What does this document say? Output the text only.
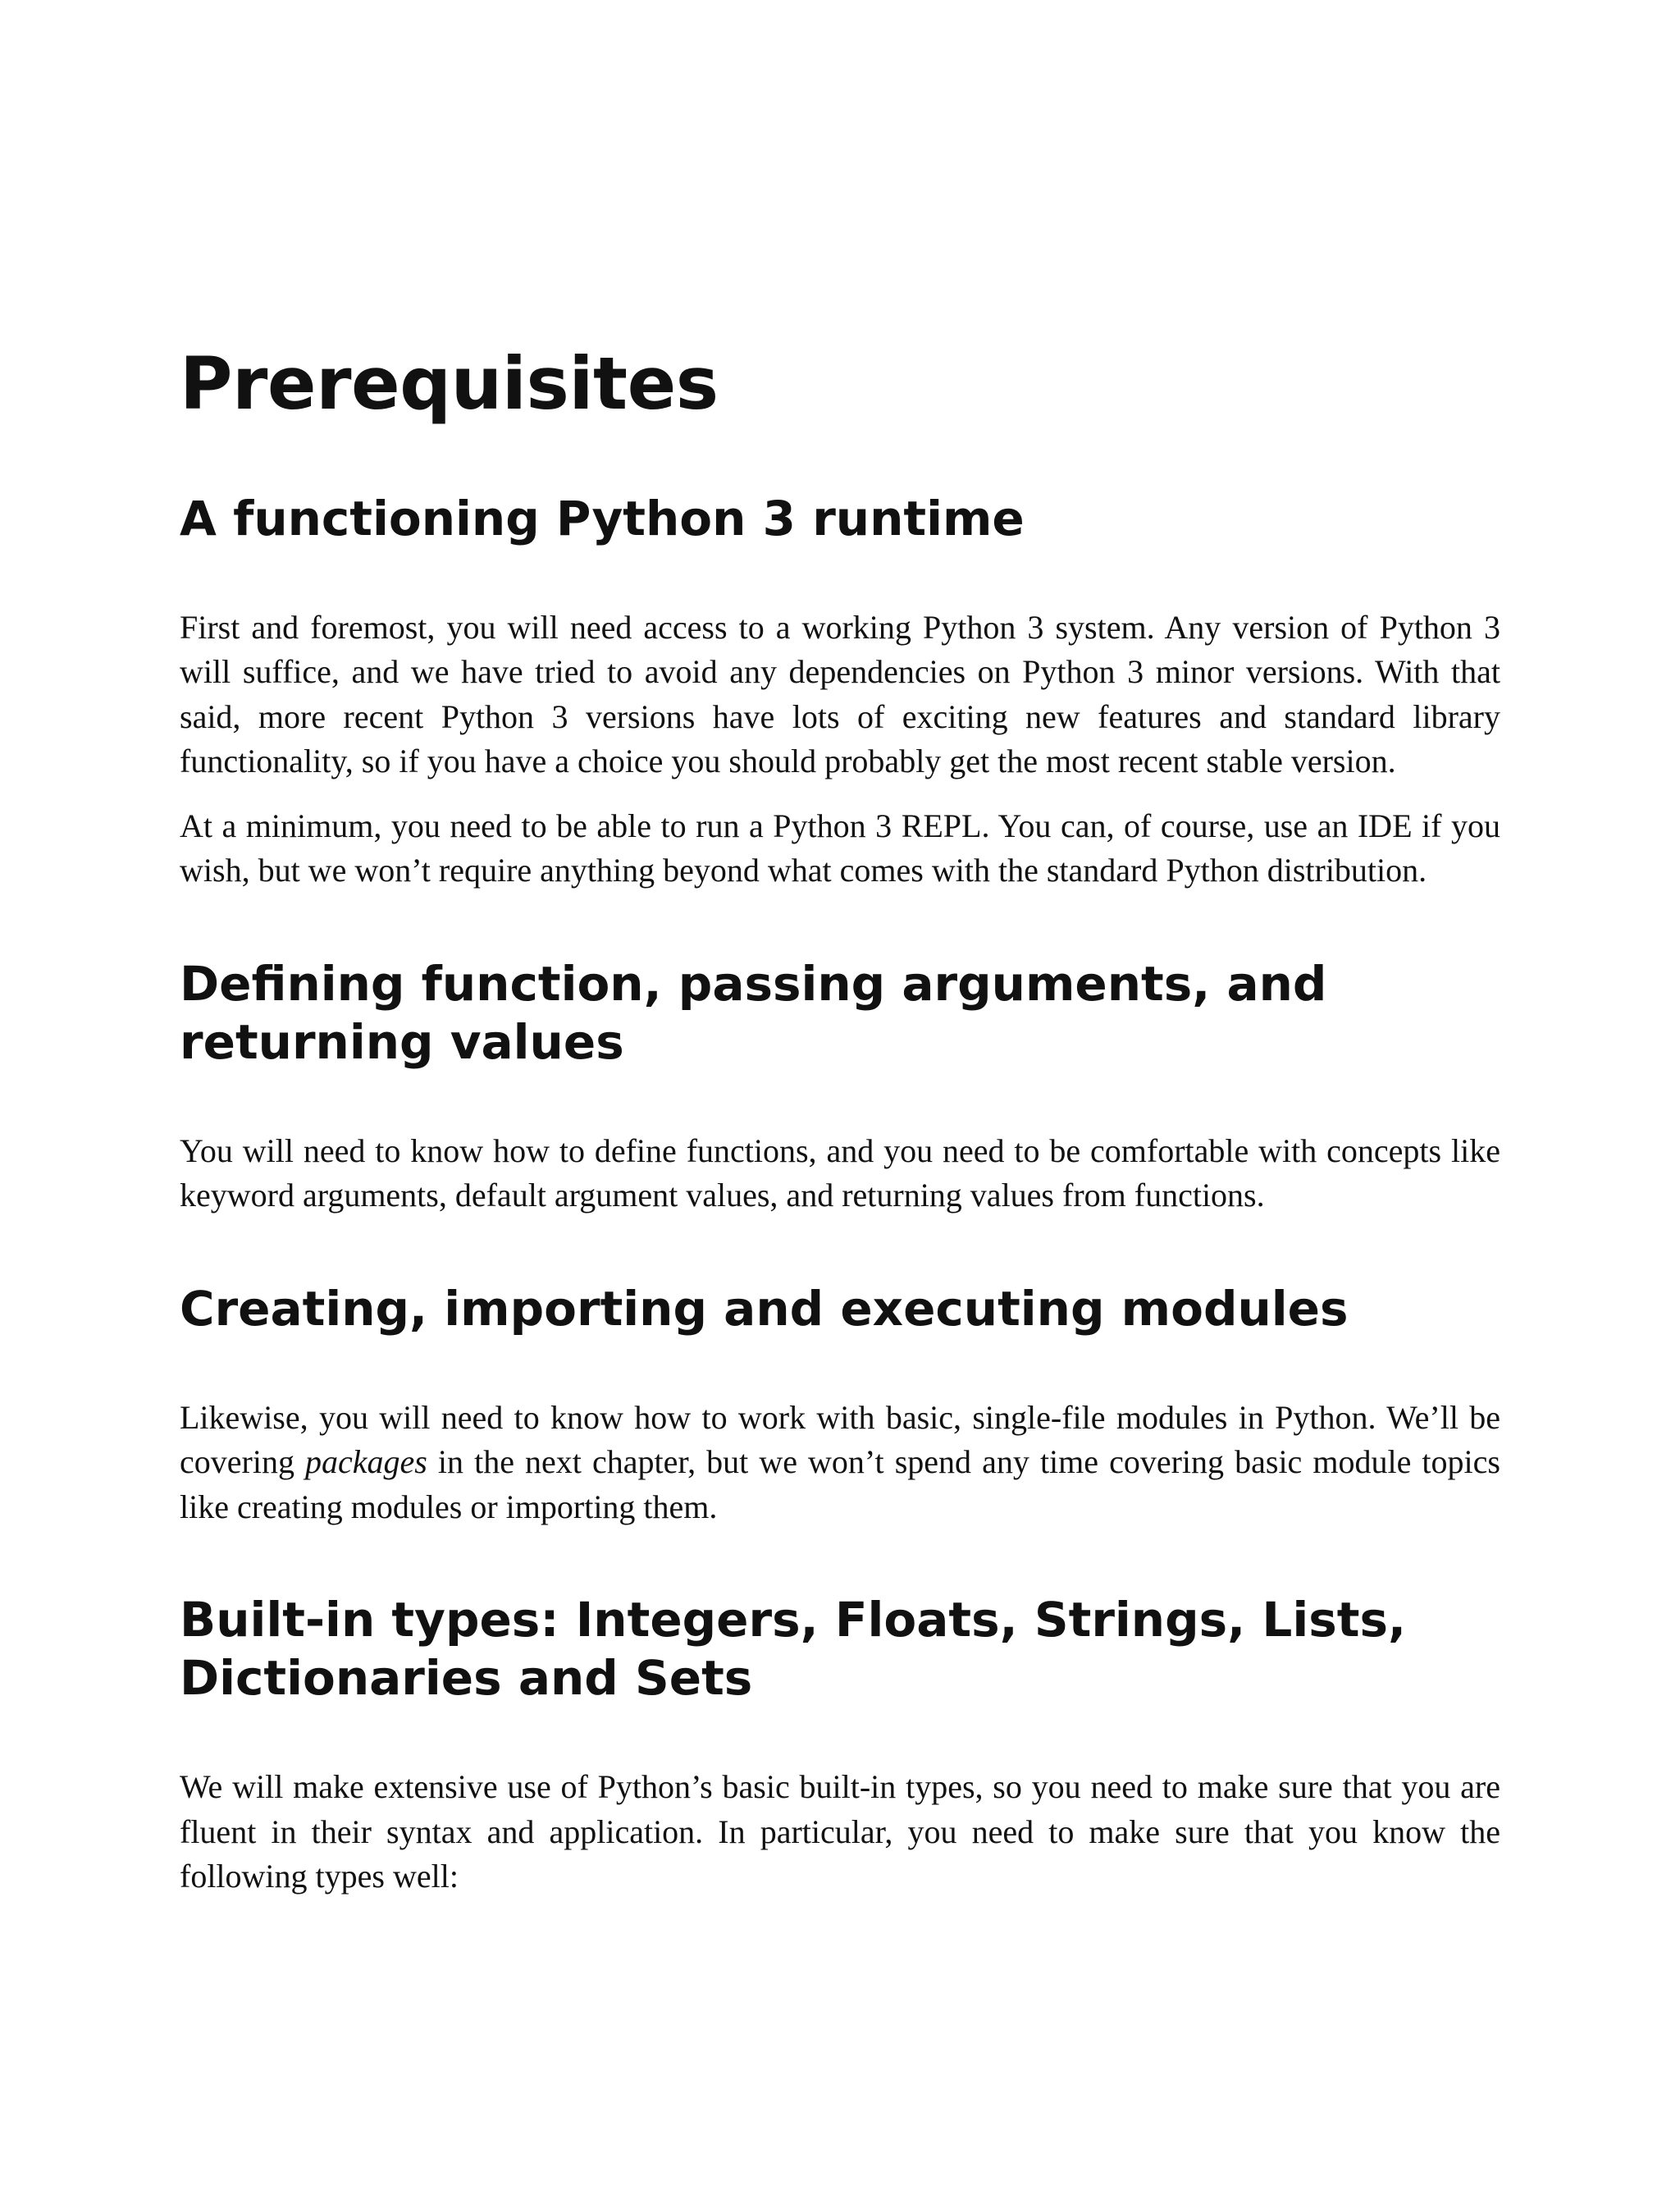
Prerequisites
A functioning Python 3 runtime

First and foremost, you will need access to a working Python 3 system. Any version of Python 3 will suffice, and we have tried to avoid any dependencies on Python 3 minor versions. With that said, more recent Python 3 versions have lots of exciting new features and standard library functionality, so if you have a choice you should probably get the most recent stable version.

At a minimum, you need to be able to run a Python 3 REPL. You can, of course, use an IDE if you wish, but we won’t require anything beyond what comes with the standard Python distribution.

Defining function, passing arguments, and returning values

You will need to know how to define functions, and you need to be comfortable with concepts like keyword arguments, default argument values, and returning values from functions.

Creating, importing and executing modules

Likewise, you will need to know how to work with basic, single-file modules in Python. We’ll be covering packages in the next chapter, but we won’t spend any time covering basic module topics like creating modules or importing them.

Built-in types: Integers, Floats, Strings, Lists, Dictionaries and Sets

We will make extensive use of Python’s basic built-in types, so you need to make sure that you are fluent in their syntax and application. In particular, you need to make sure that you know the following types well:
